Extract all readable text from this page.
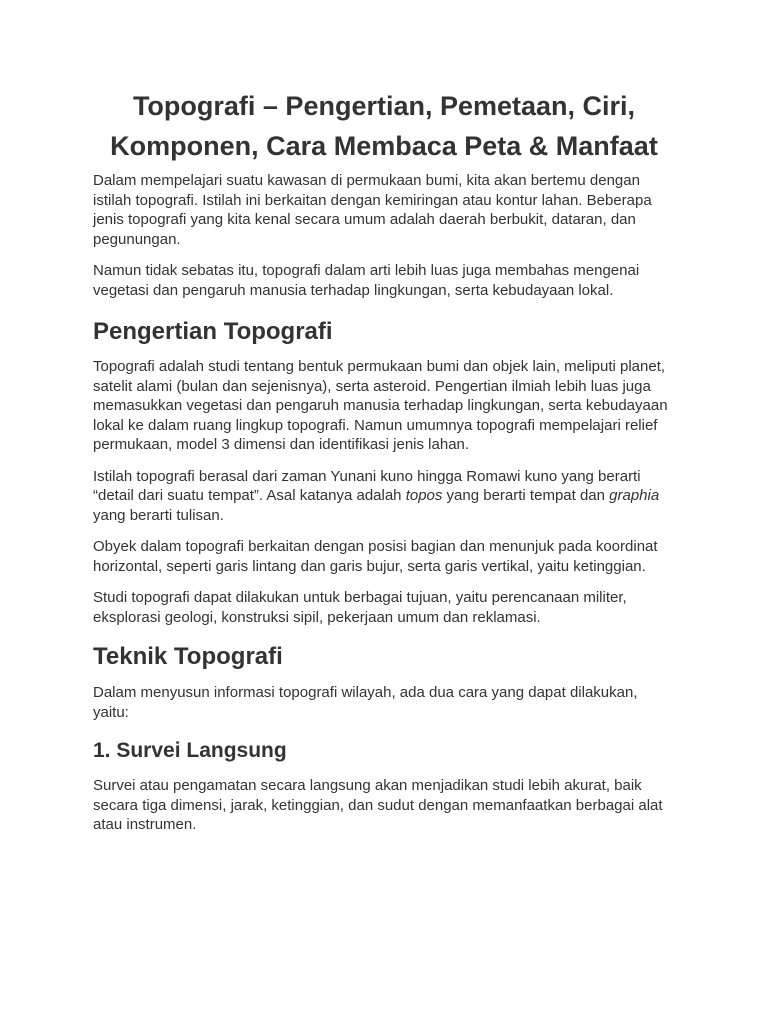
Topografi – Pengertian, Pemetaan, Ciri, Komponen, Cara Membaca Peta & Manfaat

Dalam mempelajari suatu kawasan di permukaan bumi, kita akan bertemu dengan istilah topografi. Istilah ini berkaitan dengan kemiringan atau kontur lahan. Beberapa jenis topografi yang kita kenal secara umum adalah daerah berbukit, dataran, dan pegunungan.

Namun tidak sebatas itu, topografi dalam arti lebih luas juga membahas mengenai vegetasi dan pengaruh manusia terhadap lingkungan, serta kebudayaan lokal.

Pengertian Topografi

Topografi adalah studi tentang bentuk permukaan bumi dan objek lain, meliputi planet, satelit alami (bulan dan sejenisnya), serta asteroid. Pengertian ilmiah lebih luas juga memasukkan vegetasi dan pengaruh manusia terhadap lingkungan, serta kebudayaan lokal ke dalam ruang lingkup topografi. Namun umumnya topografi mempelajari relief permukaan, model 3 dimensi dan identifikasi jenis lahan.

Istilah topografi berasal dari zaman Yunani kuno hingga Romawi kuno yang berarti “detail dari suatu tempat”. Asal katanya adalah topos yang berarti tempat dan graphia yang berarti tulisan.

Obyek dalam topografi berkaitan dengan posisi bagian dan menunjuk pada koordinat horizontal, seperti garis lintang dan garis bujur, serta garis vertikal, yaitu ketinggian.

Studi topografi dapat dilakukan untuk berbagai tujuan, yaitu perencanaan militer, eksplorasi geologi, konstruksi sipil, pekerjaan umum dan reklamasi.

Teknik Topografi

Dalam menyusun informasi topografi wilayah, ada dua cara yang dapat dilakukan, yaitu:

1. Survei Langsung

Survei atau pengamatan secara langsung akan menjadikan studi lebih akurat, baik secara tiga dimensi, jarak, ketinggian, dan sudut dengan memanfaatkan berbagai alat atau instrumen.
